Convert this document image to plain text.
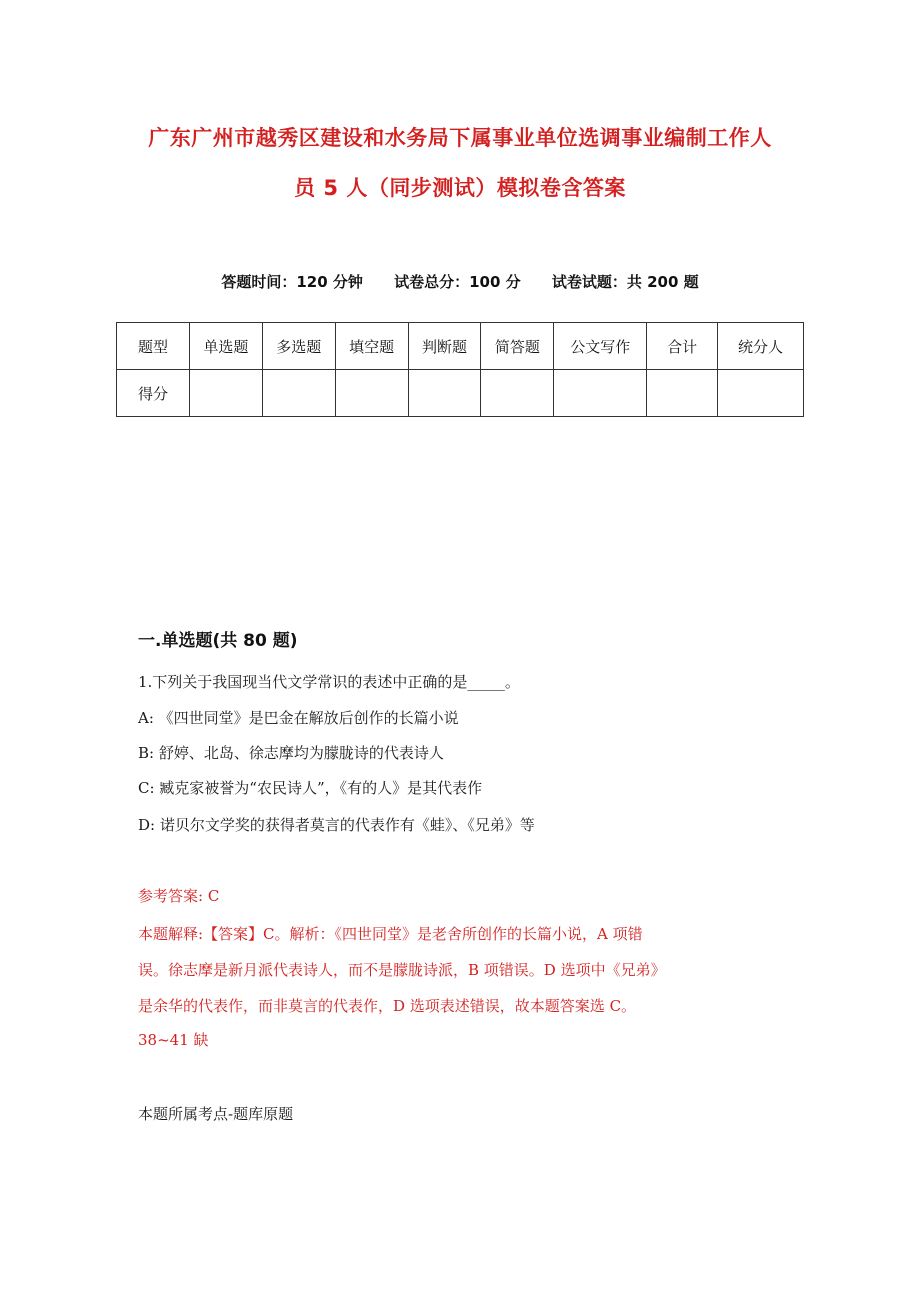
广东广州市越秀区建设和水务局下属事业单位选调事业编制工作人
员 5 人（同步测试）模拟卷含答案
答题时间：120 分钟 试卷总分：100 分 试卷试题：共 200 题
题型	单选题	多选题	填空题	判断题	简答题	公文写作	合计	统分人
得分								
一.单选题(共 80 题)
1.下列关于我国现当代文学常识的表述中正确的是_____。
A: 《四世同堂》是巴金在解放后创作的长篇小说
B: 舒婷、北岛、徐志摩均为朦胧诗的代表诗人
C: 臧克家被誉为“农民诗人”，《有的人》是其代表作
D: 诺贝尔文学奖的获得者莫言的代表作有《蛙》、《兄弟》等
参考答案: C
本题解释:【答案】C。解析：《四世同堂》是老舍所创作的长篇小说，A 项错
误。徐志摩是新月派代表诗人，而不是朦胧诗派，B 项错误。D 选项中《兄弟》
是余华的代表作，而非莫言的代表作，D 选项表述错误，故本题答案选 C。
38~41 缺
本题所属考点-题库原题
